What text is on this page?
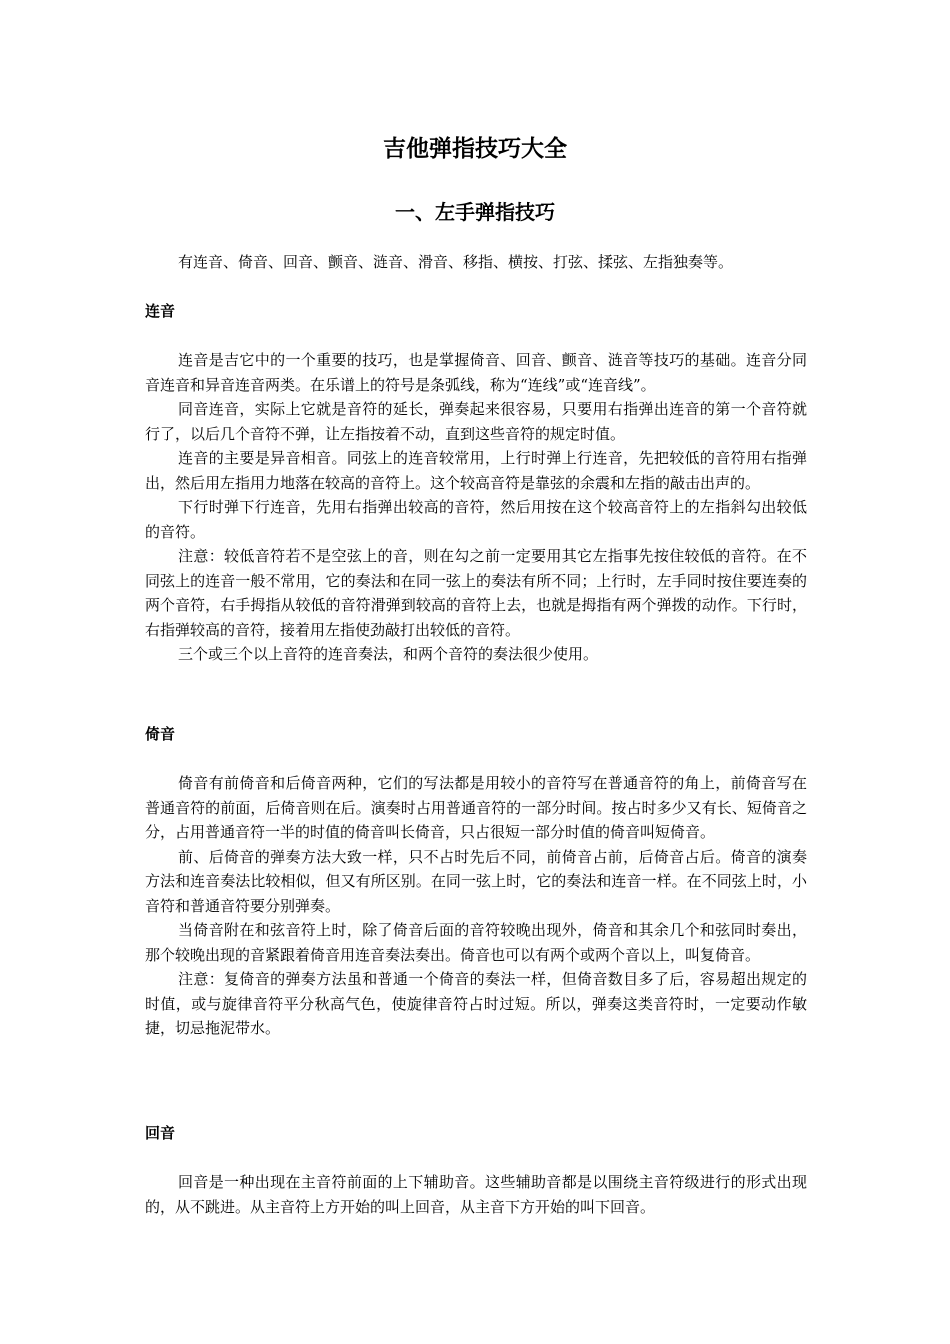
吉他弹指技巧大全
一、左手弹指技巧

有连音、倚音、回音、颤音、涟音、滑音、移指、横按、打弦、揉弦、左指独奏等。

连音

连音是吉它中的一个重要的技巧，也是掌握倚音、回音、颤音、涟音等技巧的基础。连音分同音连音和异音连音两类。在乐谱上的符号是条弧线，称为“连线”或“连音线”。

同音连音，实际上它就是音符的延长，弹奏起来很容易，只要用右指弹出连音的第一个音符就行了，以后几个音符不弹，让左指按着不动，直到这些音符的规定时值。

连音的主要是异音相音。同弦上的连音较常用，上行时弹上行连音，先把较低的音符用右指弹出，然后用左指用力地落在较高的音符上。这个较高音符是靠弦的余震和左指的敲击出声的。

下行时弹下行连音，先用右指弹出较高的音符，然后用按在这个较高音符上的左指斜勾出较低的音符。

注意：较低音符若不是空弦上的音，则在勾之前一定要用其它左指事先按住较低的音符。在不同弦上的连音一般不常用，它的奏法和在同一弦上的奏法有所不同；上行时，左手同时按住要连奏的两个音符，右手拇指从较低的音符滑弹到较高的音符上去，也就是拇指有两个弹拨的动作。下行时，右指弹较高的音符，接着用左指使劲敲打出较低的音符。

三个或三个以上音符的连音奏法，和两个音符的奏法很少使用。

倚音

倚音有前倚音和后倚音两种，它们的写法都是用较小的音符写在普通音符的角上，前倚音写在普通音符的前面，后倚音则在后。演奏时占用普通音符的一部分时间。按占时多少又有长、短倚音之分，占用普通音符一半的时值的倚音叫长倚音，只占很短一部分时值的倚音叫短倚音。

前、后倚音的弹奏方法大致一样，只不占时先后不同，前倚音占前，后倚音占后。倚音的演奏方法和连音奏法比较相似，但又有所区别。在同一弦上时，它的奏法和连音一样。在不同弦上时，小音符和普通音符要分别弹奏。

当倚音附在和弦音符上时，除了倚音后面的音符较晚出现外，倚音和其余几个和弦同时奏出，那个较晚出现的音紧跟着倚音用连音奏法奏出。倚音也可以有两个或两个音以上，叫复倚音。

注意：复倚音的弹奏方法虽和普通一个倚音的奏法一样，但倚音数目多了后，容易超出规定的时值，或与旋律音符平分秋高气色，使旋律音符占时过短。所以，弹奏这类音符时，一定要动作敏捷，切忌拖泥带水。

回音

回音是一种出现在主音符前面的上下辅助音。这些辅助音都是以围绕主音符级进行的形式出现的，从不跳进。从主音符上方开始的叫上回音，从主音下方开始的叫下回音。
